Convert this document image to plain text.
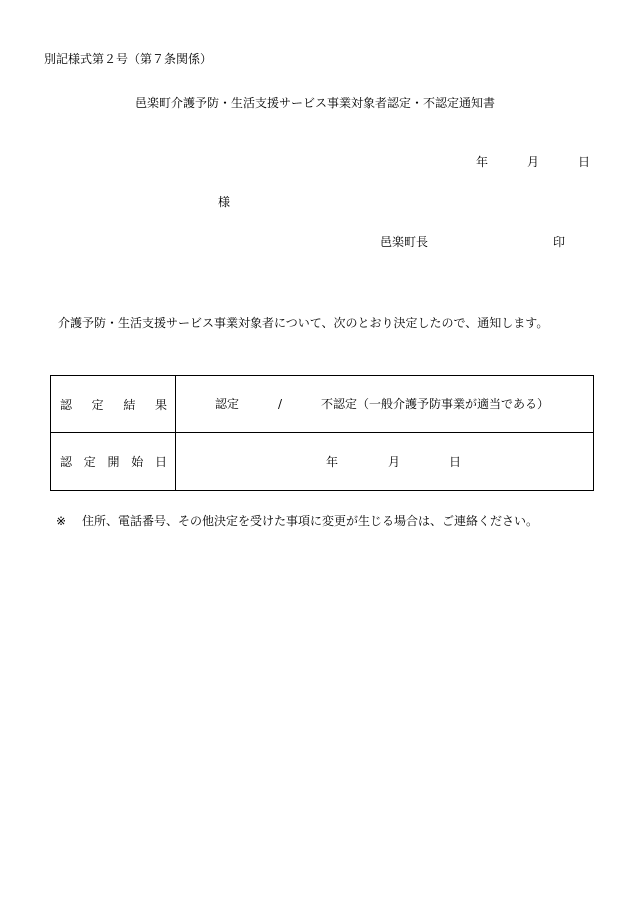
別記様式第２号（第７条関係）
邑楽町介護予防・生活支援サービス事業対象者認定・不認定通知書
年	月	日
様
邑楽町長	印
介護予防・生活支援サービス事業対象者について、次のとおり決定したので、通知します。
認 定 結 果	認定 / 不認定（一般介護予防事業が適当である）

認 定 開 始 日	年 月 日
※ 住所、電話番号、その他決定を受けた事項に変更が生じる場合は、ご連絡ください。
